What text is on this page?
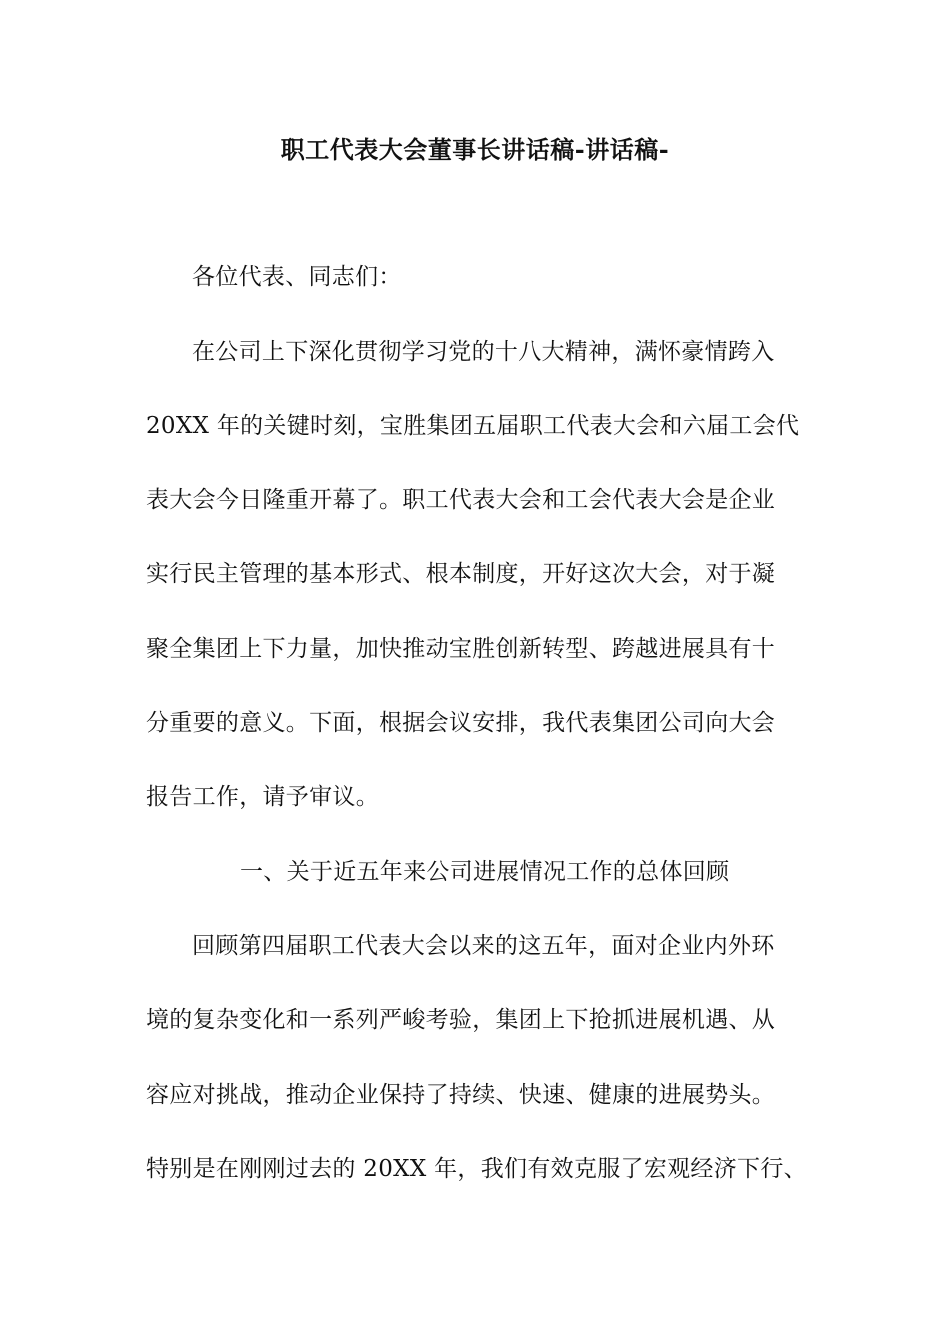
职工代表大会董事长讲话稿-讲话稿-
各位代表、同志们：
在公司上下深化贯彻学习党的十八大精神，满怀豪情跨入
20XX 年的关键时刻，宝胜集团五届职工代表大会和六届工会代
表大会今日隆重开幕了。职工代表大会和工会代表大会是企业
实行民主管理的基本形式、根本制度，开好这次大会，对于凝
聚全集团上下力量，加快推动宝胜创新转型、跨越进展具有十
分重要的意义。下面，根据会议安排，我代表集团公司向大会
报告工作，请予审议。
一、关于近五年来公司进展情况工作的总体回顾
回顾第四届职工代表大会以来的这五年，面对企业内外环
境的复杂变化和一系列严峻考验，集团上下抢抓进展机遇、从
容应对挑战，推动企业保持了持续、快速、健康的进展势头。
特别是在刚刚过去的 20XX 年，我们有效克服了宏观经济下行、
